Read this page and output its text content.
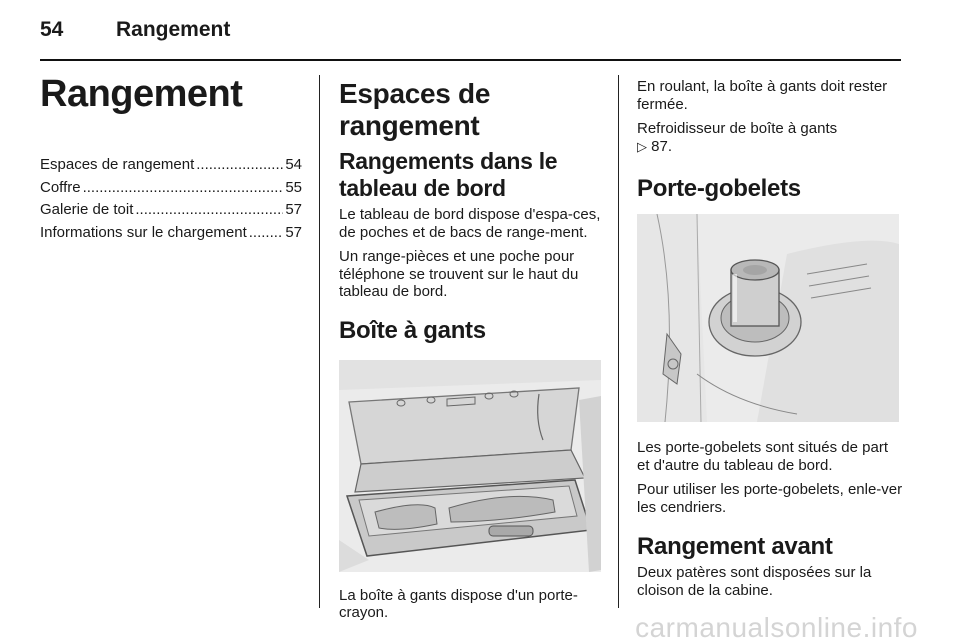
54	Rangement
Rangement
Espaces de rangement .....	54
Coffre .....	55
Galerie de toit .....	57
Informations sur le chargement .....	57
Espaces de rangement
Rangements dans le tableau de bord

Le tableau de bord dispose d'espa-ces, de poches et de bacs de range-ment.

Un range-pièces et une poche pour téléphone se trouvent sur le haut du tableau de bord.

Boîte à gants

La boîte à gants dispose d'un porte-crayon.

En roulant, la boîte à gants doit rester fermée.

Refroidisseur de boîte à gants
▷ 87.

Porte-gobelets

Les porte-gobelets sont situés de part et d'autre du tableau de bord.

Pour utiliser les porte-gobelets, enle-ver les cendriers.

Rangement avant

Deux patères sont disposées sur la cloison de la cabine.

carmanualsonline.info
